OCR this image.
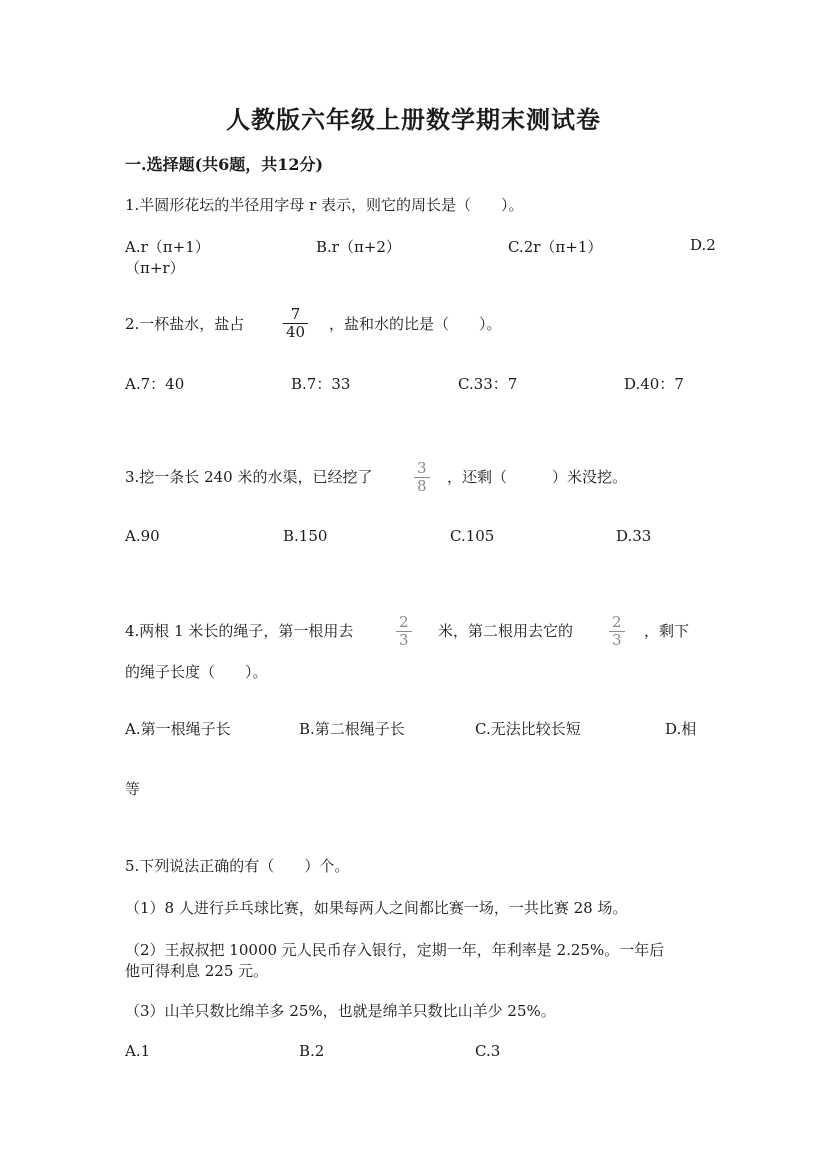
人教版六年级上册数学期末测试卷
一.选择题(共6题，共12分)
1.半圆形花坛的半径用字母 r 表示，则它的周长是（　　）。
A.r（π+1）	B.r（π+2）	C.2r（π+1）	D.2
（π+r）
2.一杯盐水，盐占	$\frac{7}{40}$ ，盐和水的比是（　　）。
A.7：40	B.7：33	C.33：7	D.40：7
3.挖一条长 240 米的水渠，已经挖了	$\frac{3}{8}$ ，还剩（　　　）米没挖。
A.90	B.150	C.105	D.33
4.两根 1 米长的绳子，第一根用去	$\frac{2}{3}$ 米，第二根用去它的 $\frac{2}{3}$ ，剩下
的绳子长度（　　）。
A.第一根绳子长	B.第二根绳子长	C.无法比较长短	D.相
等
5.下列说法正确的有（　　）个。
（1）8 人进行乒乓球比赛，如果每两人之间都比赛一场，一共比赛 28 场。
（2）王叔叔把 10000 元人民币存入银行，定期一年，年利率是 2.25%。一年后
他可得利息 225 元。
（3）山羊只数比绵羊多 25%，也就是绵羊只数比山羊少 25%。
A.1	B.2	C.3
